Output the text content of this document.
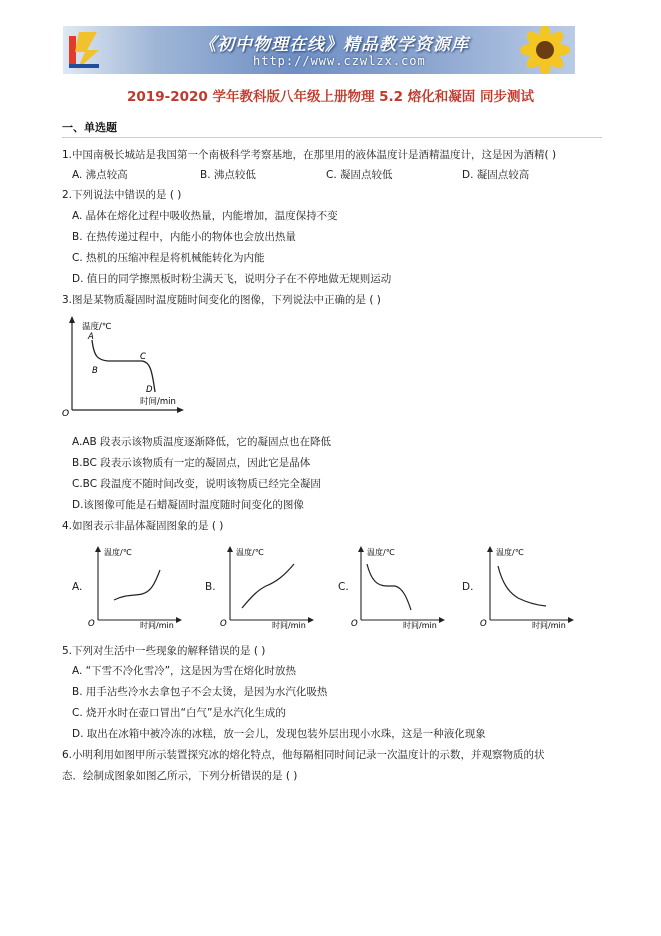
《初中物理在线》精品教学资源库
http://www.czwlzx.com
2019-2020 学年教科版八年级上册物理 5.2 熔化和凝固 同步测试
一、单选题
1.中国南极长城站是我国第一个南极科学考察基地，在那里用的液体温度计是酒精温度计，这是因为酒精( )
A. 沸点较高	B. 沸点较低	C. 凝固点较低	D. 凝固点较高
2.下列说法中错误的是 ( )
A. 晶体在熔化过程中吸收热量，内能增加，温度保持不变
B. 在热传递过程中，内能小的物体也会放出热量
C. 热机的压缩冲程是将机械能转化为内能
D. 值日的同学擦黑板时粉尘满天飞，说明分子在不停地做无规则运动
3.图是某物质凝固时温度随时间变化的图像，下列说法中正确的是 ( )
温度/℃
时间/min
O
A
B
C
D
A.AB 段表示该物质温度逐渐降低，它的凝固点也在降低
B.BC 段表示该物质有一定的凝固点，因此它是晶体
C.BC 段温度不随时间改变，说明该物质已经完全凝固
D.该图像可能是石蜡凝固时温度随时间变化的图像
4.如图表示非晶体凝固图象的是 ( )
A.
温度/℃
时间/min
O
B.
温度/℃
时间/min
O
C.
温度/℃
时间/min
O
D.
温度/℃
时间/min
O
5.下列对生活中一些现象的解释错误的是 ( )
A. “下雪不冷化雪冷”，这是因为雪在熔化时放热
B. 用手沾些冷水去拿包子不会太烫，是因为水汽化吸热
C. 烧开水时在壶口冒出“白气”是水汽化生成的
D. 取出在冰箱中被冷冻的冰糕，放一会儿，发现包装外层出现小水珠，这是一种液化现象
6.小明利用如图甲所示装置探究冰的熔化特点，他每隔相同时间记录一次温度计的示数，并观察物质的状
态．绘制成图象如图乙所示，下列分析错误的是 ( )
